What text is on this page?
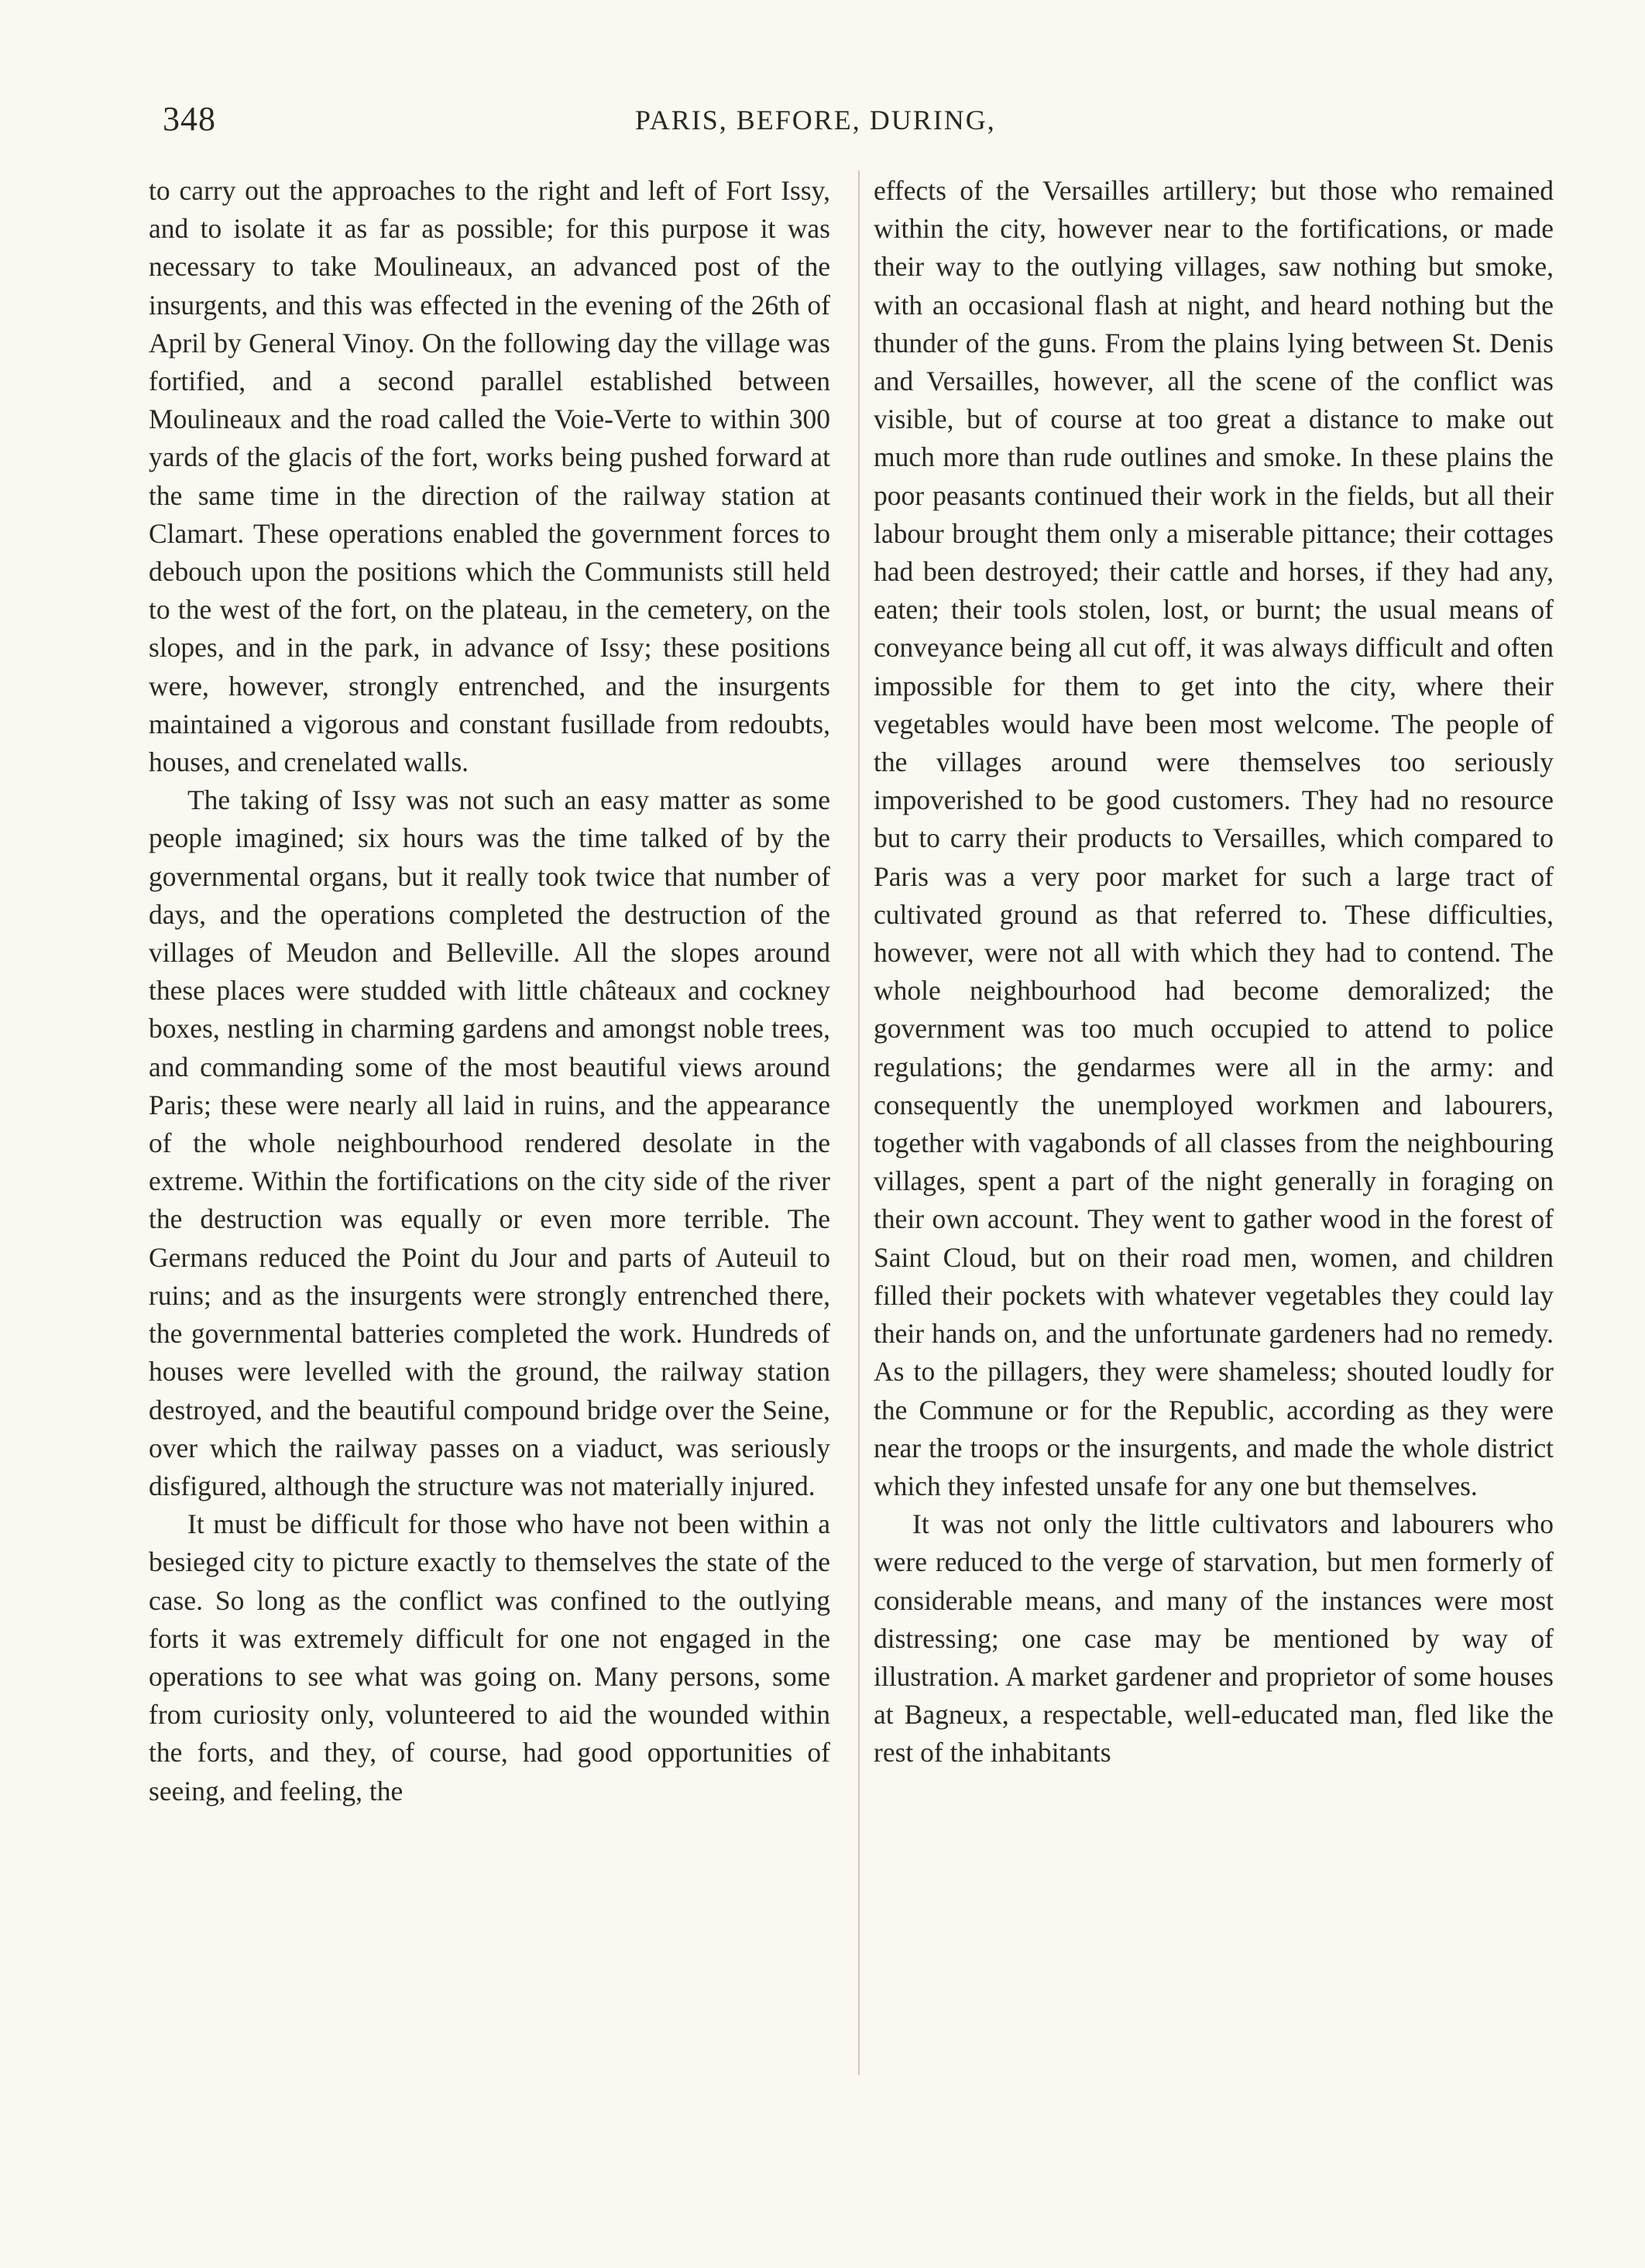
348	PARIS, BEFORE, DURING,

to carry out the approaches to the right and left of Fort Issy, and to isolate it as far as possible; for this purpose it was necessary to take Moulineaux, an advanced post of the insurgents, and this was effected in the evening of the 26th of April by General Vinoy. On the following day the village was fortified, and a second parallel established between Moulineaux and the road called the Voie-Verte to within 300 yards of the glacis of the fort, works being pushed forward at the same time in the direction of the railway station at Clamart. These operations enabled the government forces to debouch upon the positions which the Communists still held to the west of the fort, on the plateau, in the cemetery, on the slopes, and in the park, in advance of Issy; these positions were, however, strongly entrenched, and the insurgents maintained a vigorous and constant fusillade from redoubts, houses, and crenelated walls.

The taking of Issy was not such an easy matter as some people imagined; six hours was the time talked of by the governmental organs, but it really took twice that number of days, and the operations completed the destruction of the villages of Meudon and Belleville. All the slopes around these places were studded with little châteaux and cockney boxes, nestling in charming gardens and amongst noble trees, and commanding some of the most beautiful views around Paris; these were nearly all laid in ruins, and the appearance of the whole neighbourhood rendered desolate in the extreme. Within the fortifications on the city side of the river the destruction was equally or even more terrible. The Germans reduced the Point du Jour and parts of Auteuil to ruins; and as the insurgents were strongly entrenched there, the governmental batteries completed the work. Hundreds of houses were levelled with the ground, the railway station destroyed, and the beautiful compound bridge over the Seine, over which the railway passes on a viaduct, was seriously disfigured, although the structure was not materially injured.

It must be difficult for those who have not been within a besieged city to picture exactly to themselves the state of the case. So long as the conflict was confined to the outlying forts it was extremely difficult for one not engaged in the operations to see what was going on. Many persons, some from curiosity only, volunteered to aid the wounded within the forts, and they, of course, had good opportunities of seeing, and feeling, the

effects of the Versailles artillery; but those who remained within the city, however near to the fortifications, or made their way to the outlying villages, saw nothing but smoke, with an occasional flash at night, and heard nothing but the thunder of the guns. From the plains lying between St. Denis and Versailles, however, all the scene of the conflict was visible, but of course at too great a distance to make out much more than rude outlines and smoke. In these plains the poor peasants continued their work in the fields, but all their labour brought them only a miserable pittance; their cottages had been destroyed; their cattle and horses, if they had any, eaten; their tools stolen, lost, or burnt; the usual means of conveyance being all cut off, it was always difficult and often impossible for them to get into the city, where their vegetables would have been most welcome. The people of the villages around were themselves too seriously impoverished to be good customers. They had no resource but to carry their products to Versailles, which compared to Paris was a very poor market for such a large tract of cultivated ground as that referred to. These difficulties, however, were not all with which they had to contend. The whole neighbourhood had become demoralized; the government was too much occupied to attend to police regulations; the gendarmes were all in the army: and consequently the unemployed workmen and labourers, together with vagabonds of all classes from the neighbouring villages, spent a part of the night generally in foraging on their own account. They went to gather wood in the forest of Saint Cloud, but on their road men, women, and children filled their pockets with whatever vegetables they could lay their hands on, and the unfortunate gardeners had no remedy. As to the pillagers, they were shameless; shouted loudly for the Commune or for the Republic, according as they were near the troops or the insurgents, and made the whole district which they infested unsafe for any one but themselves.

It was not only the little cultivators and labourers who were reduced to the verge of starvation, but men formerly of considerable means, and many of the instances were most distressing; one case may be mentioned by way of illustration. A market gardener and proprietor of some houses at Bagneux, a respectable, well-educated man, fled like the rest of the inhabitants
